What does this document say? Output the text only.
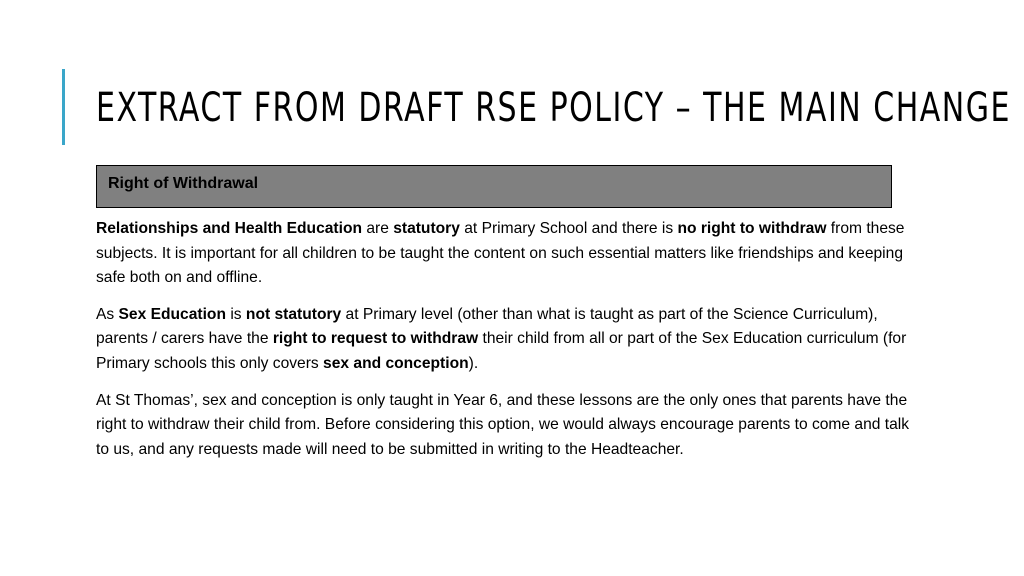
EXTRACT FROM DRAFT RSE POLICY – THE MAIN CHANGE
Right of Withdrawal

Relationships and Health Education are statutory at Primary School and there is no right to withdraw from these subjects. It is important for all children to be taught the content on such essential matters like friendships and keeping safe both on and offline.

As Sex Education is not statutory at Primary level (other than what is taught as part of the Science Curriculum), parents / carers have the right to request to withdraw their child from all or part of the Sex Education curriculum (for Primary schools this only covers sex and conception).

At St Thomas’, sex and conception is only taught in Year 6, and these lessons are the only ones that parents have the right to withdraw their child from. Before considering this option, we would always encourage parents to come and talk to us, and any requests made will need to be submitted in writing to the Headteacher.
